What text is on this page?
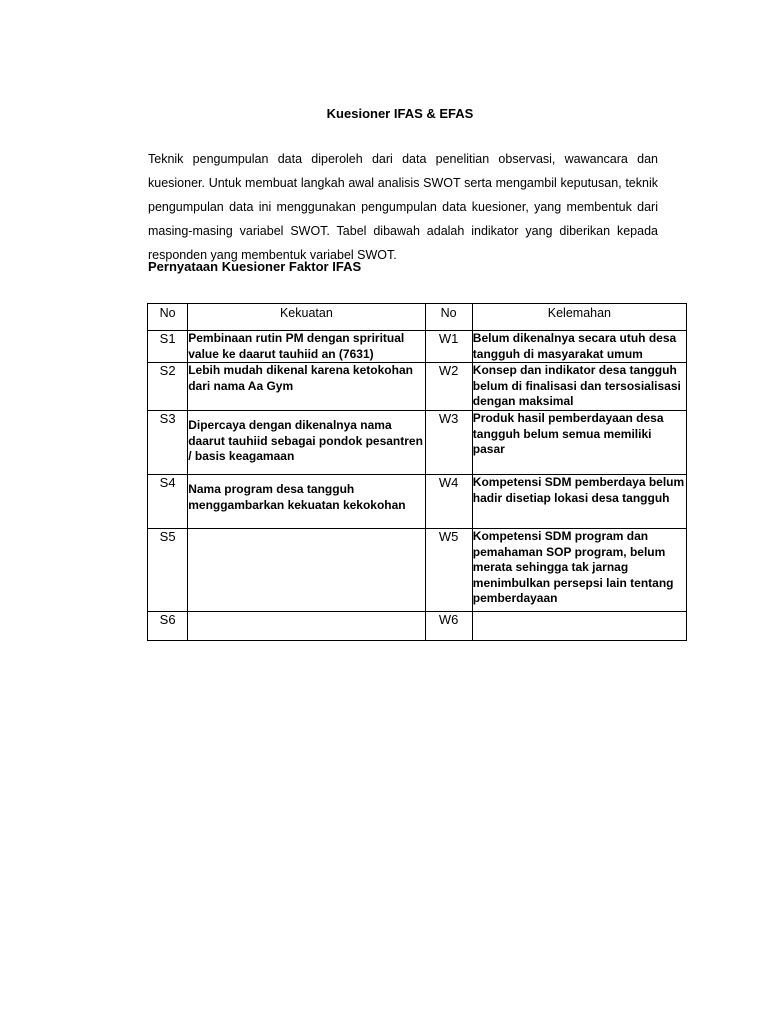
Kuesioner IFAS & EFAS

Teknik pengumpulan data diperoleh dari data penelitian observasi, wawancara dan kuesioner. Untuk membuat langkah awal analisis SWOT serta mengambil keputusan, teknik pengumpulan data ini menggunakan pengumpulan data kuesioner, yang membentuk dari masing-masing variabel SWOT. Tabel dibawah adalah indikator yang diberikan kepada responden yang membentuk variabel SWOT.

Pernyataan Kuesioner Faktor IFAS
No	Kekuatan	No	Kelemahan
S1	Pembinaan rutin PM dengan spriritual value ke daarut tauhiid an (7631)	W1	Belum dikenalnya secara utuh desa tangguh di masyarakat umum
S2	Lebih mudah dikenal karena ketokohan dari nama Aa Gym	W2	Konsep dan indikator desa tangguh belum di finalisasi dan tersosialisasi dengan maksimal
S3	Dipercaya dengan dikenalnya nama daarut tauhiid sebagai pondok pesantren / basis keagamaan	W3	Produk hasil pemberdayaan desa tangguh belum semua memiliki pasar
S4	Nama program desa tangguh menggambarkan kekuatan kekokohan	W4	Kompetensi SDM pemberdaya belum hadir disetiap lokasi desa tangguh
S5		W5	Kompetensi SDM program dan pemahaman SOP program, belum merata sehingga tak jarnag menimbulkan persepsi lain tentang pemberdayaan
S6		W6	
